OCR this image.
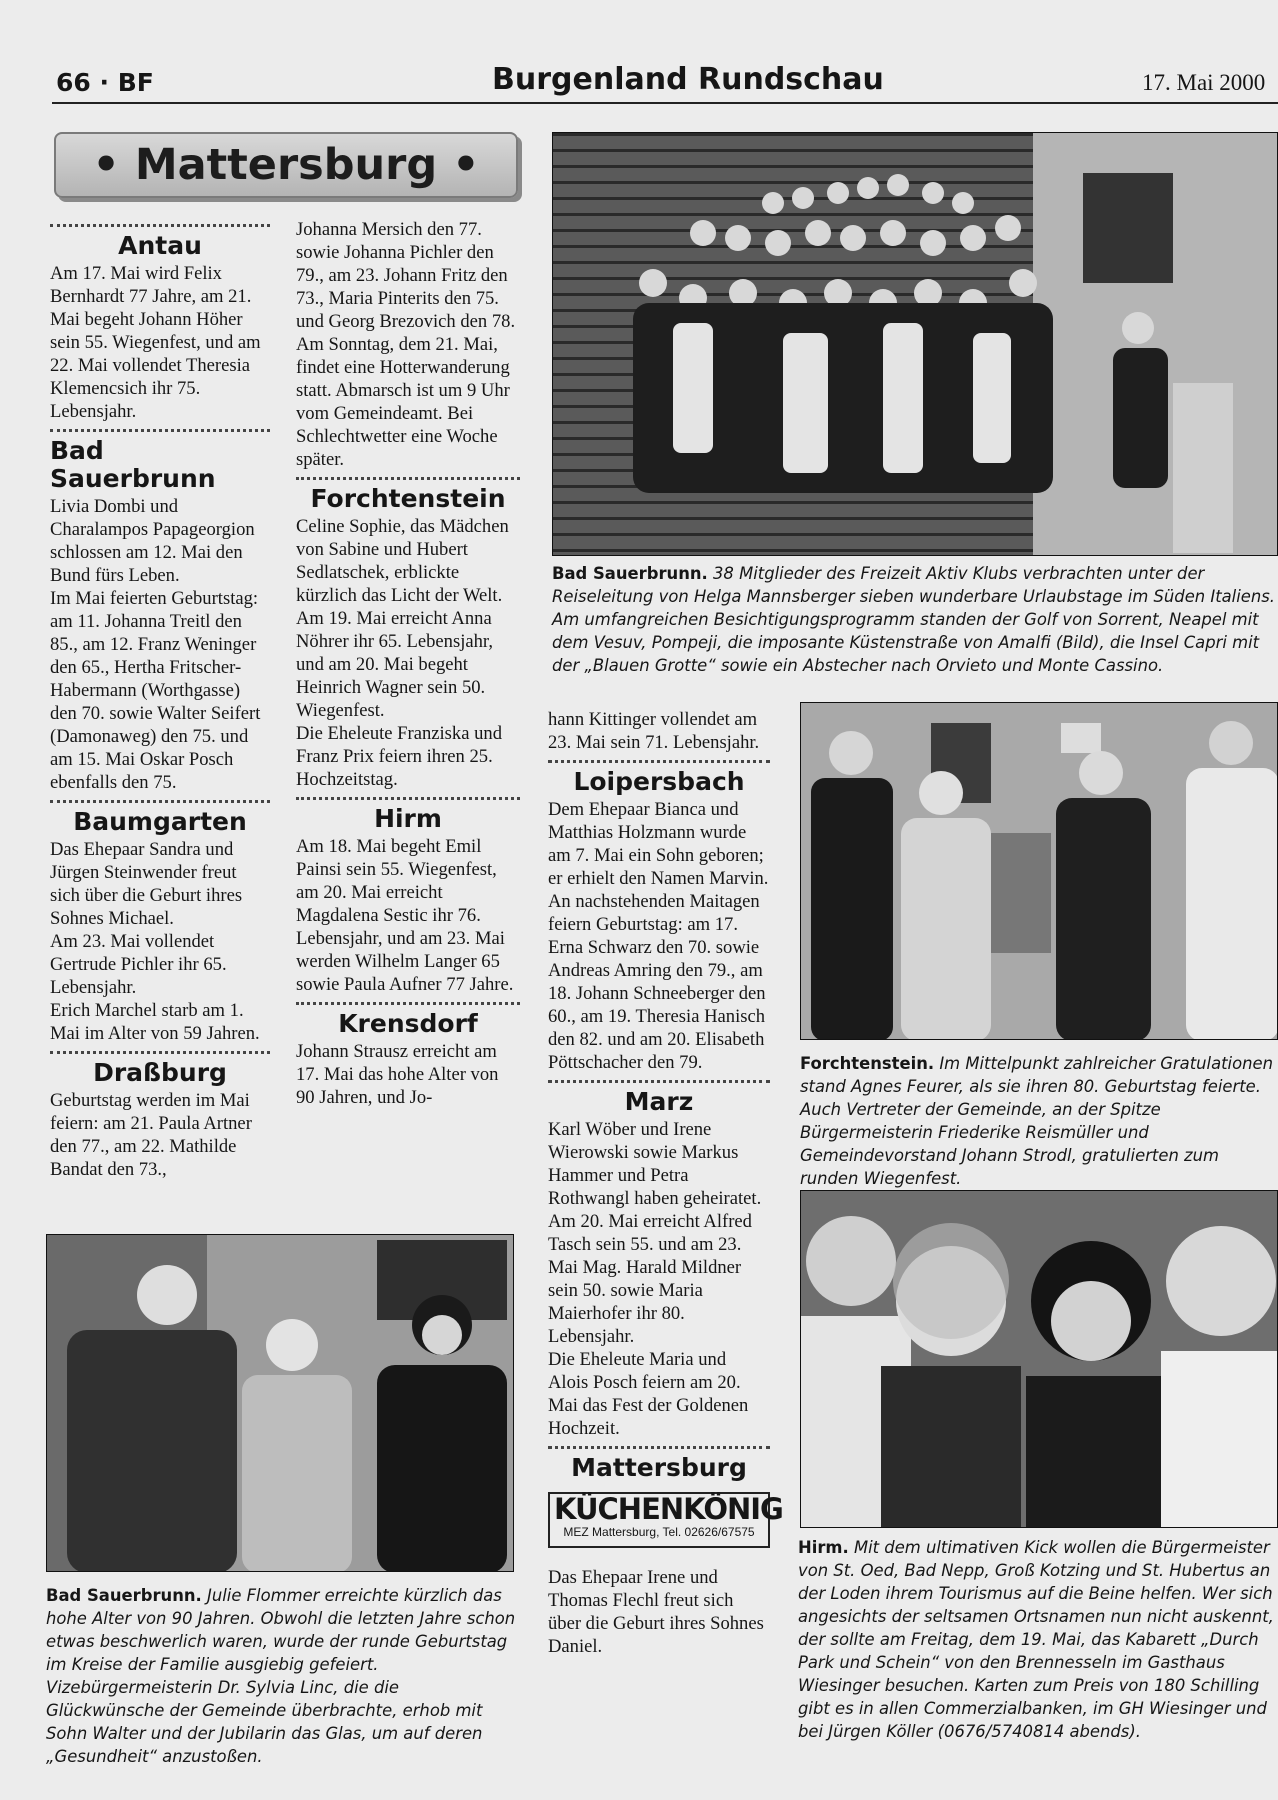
66 · BF	Burgenland Rundschau	17. Mai 2000
• Mattersburg •
Antau

Am 17. Mai wird Felix Bernhardt 77 Jahre, am 21. Mai begeht Johann Höher sein 55. Wiegenfest, und am 22. Mai vollendet Theresia Klemencsich ihr 75. Lebensjahr.

Bad Sauerbrunn

Livia Dombi und Charalampos Papageorgion schlossen am 12. Mai den Bund fürs Leben.

Im Mai feierten Geburtstag: am 11. Johanna Treitl den 85., am 12. Franz Weninger den 65., Hertha Fritscher-Habermann (Worthgasse) den 70. sowie Walter Seifert (Damonaweg) den 75. und am 15. Mai Oskar Posch ebenfalls den 75.

Baumgarten

Das Ehepaar Sandra und Jürgen Steinwender freut sich über die Geburt ihres Sohnes Michael.

Am 23. Mai vollendet Gertrude Pichler ihr 65. Lebensjahr.

Erich Marchel starb am 1. Mai im Alter von 59 Jahren.

Draßburg

Geburtstag werden im Mai feiern: am 21. Paula Artner den 77., am 22. Mathilde Bandat den 73.,

Johanna Mersich den 77. sowie Johanna Pichler den 79., am 23. Johann Fritz den 73., Maria Pinterits den 75. und Georg Brezovich den 78.

Am Sonntag, dem 21. Mai, findet eine Hotterwanderung statt. Abmarsch ist um 9 Uhr vom Gemeindeamt. Bei Schlechtwetter eine Woche später.

Forchtenstein

Celine Sophie, das Mädchen von Sabine und Hubert Sedlatschek, erblickte kürzlich das Licht der Welt.

Am 19. Mai erreicht Anna Nöhrer ihr 65. Lebensjahr, und am 20. Mai begeht Heinrich Wagner sein 50. Wiegenfest.

Die Eheleute Franziska und Franz Prix feiern ihren 25. Hochzeitstag.

Hirm

Am 18. Mai begeht Emil Painsi sein 55. Wiegenfest, am 20. Mai erreicht Magdalena Sestic ihr 76. Lebensjahr, und am 23. Mai werden Wilhelm Langer 65 sowie Paula Aufner 77 Jahre.

Krensdorf

Johann Strausz erreicht am 17. Mai das hohe Alter von 90 Jahren, und Jo-

hann Kittinger vollendet am 23. Mai sein 71. Lebensjahr.

Loipersbach

Dem Ehepaar Bianca und Matthias Holzmann wurde am 7. Mai ein Sohn geboren; er erhielt den Namen Marvin.

An nachstehenden Maitagen feiern Geburtstag: am 17. Erna Schwarz den 70. sowie Andreas Amring den 79., am 18. Johann Schneeberger den 60., am 19. Theresia Hanisch den 82. und am 20. Elisabeth Pöttschacher den 79.

Marz

Karl Wöber und Irene Wierowski sowie Markus Hammer und Petra Rothwangl haben geheiratet.

Am 20. Mai erreicht Alfred Tasch sein 55. und am 23. Mai Mag. Harald Mildner sein 50. sowie Maria Maierhofer ihr 80. Lebensjahr.

Die Eheleute Maria und Alois Posch feiern am 20. Mai das Fest der Goldenen Hochzeit.

Mattersburg
KÜCHENKÖNIG
MEZ Mattersburg, Tel. 02626/67575

Das Ehepaar Irene und Thomas Flechl freut sich über die Geburt ihres Sohnes Daniel.

Bad Sauerbrunn. 38 Mitglieder des Freizeit Aktiv Klubs verbrachten unter der Reiseleitung von Helga Mannsberger sieben wunderbare Urlaubstage im Süden Italiens. Am umfangreichen Besichtigungsprogramm standen der Golf von Sorrent, Neapel mit dem Vesuv, Pompeji, die imposante Küstenstraße von Amalfi (Bild), die Insel Capri mit der „Blauen Grotte“ sowie ein Abstecher nach Orvieto und Monte Cassino.
Forchtenstein. Im Mittelpunkt zahlreicher Gratulationen stand Agnes Feurer, als sie ihren 80. Geburtstag feierte. Auch Vertreter der Gemeinde, an der Spitze Bürgermeisterin Friederike Reismüller und Gemeindevorstand Johann Strodl, gratulierten zum runden Wiegenfest.
Hirm. Mit dem ultimativen Kick wollen die Bürgermeister von St. Oed, Bad Nepp, Groß Kotzing und St. Hubertus an der Loden ihrem Tourismus auf die Beine helfen. Wer sich angesichts der seltsamen Ortsnamen nun nicht auskennt, der sollte am Freitag, dem 19. Mai, das Kabarett „Durch Park und Schein“ von den Brennesseln im Gasthaus Wiesinger besuchen. Karten zum Preis von 180 Schilling gibt es in allen Commerzialbanken, im GH Wiesinger und bei Jürgen Köller (0676/5740814 abends).
Bad Sauerbrunn. Julie Flommer erreichte kürzlich das hohe Alter von 90 Jahren. Obwohl die letzten Jahre schon etwas beschwerlich waren, wurde der runde Geburtstag im Kreise der Familie ausgiebig gefeiert. Vizebürgermeisterin Dr. Sylvia Linc, die die Glückwünsche der Gemeinde überbrachte, erhob mit Sohn Walter und der Jubilarin das Glas, um auf deren „Gesundheit“ anzustoßen.
